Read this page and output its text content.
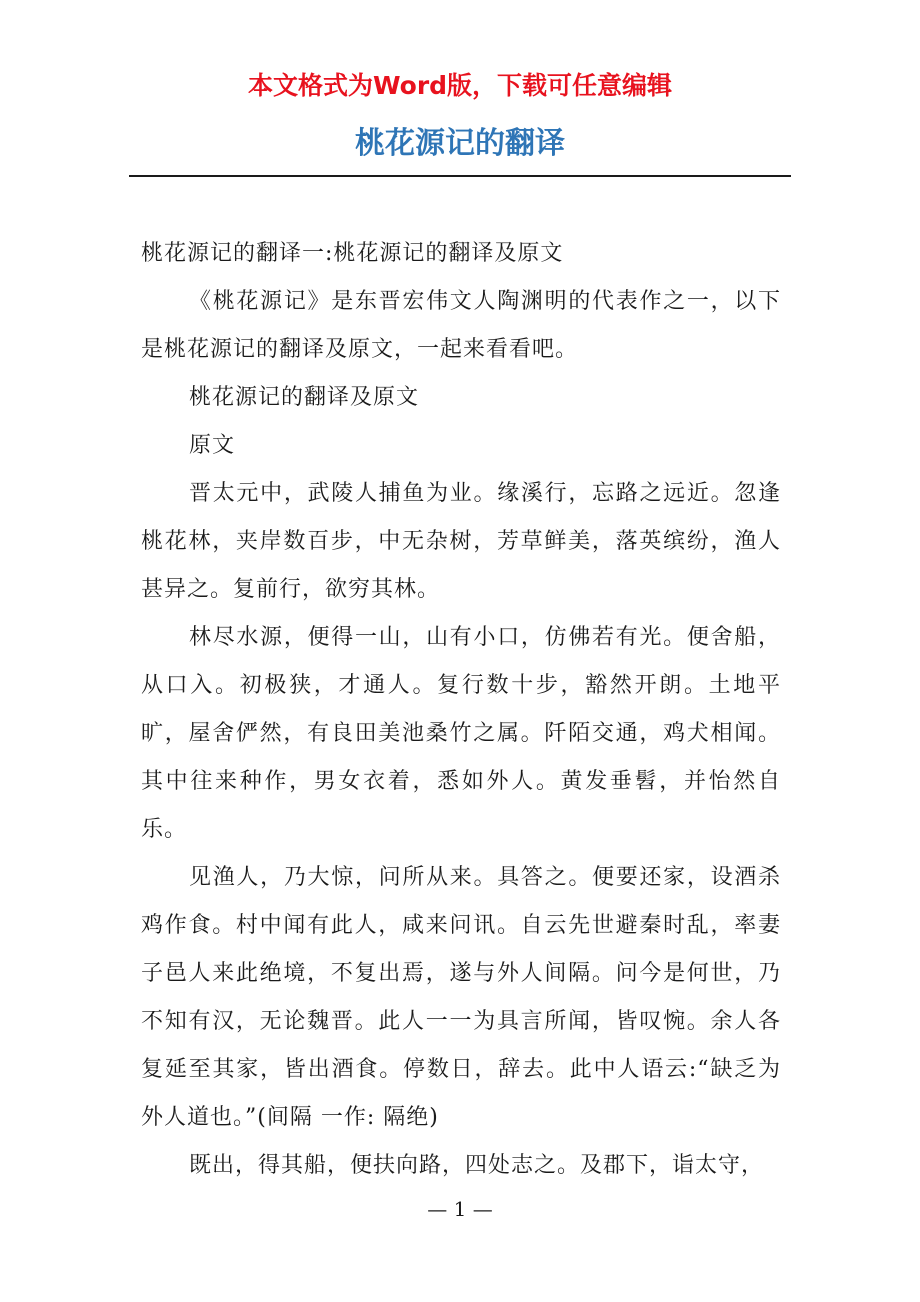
本文格式为Word版，下载可任意编辑
桃花源记的翻译

桃花源记的翻译一:桃花源记的翻译及原文

《桃花源记》是东晋宏伟文人陶渊明的代表作之一，以下是桃花源记的翻译及原文，一起来看看吧。

桃花源记的翻译及原文

原文

晋太元中，武陵人捕鱼为业。缘溪行，忘路之远近。忽逢桃花林，夹岸数百步，中无杂树，芳草鲜美，落英缤纷，渔人甚异之。复前行，欲穷其林。

林尽水源，便得一山，山有小口，仿佛若有光。便舍船，从口入。初极狭，才通人。复行数十步，豁然开朗。土地平旷，屋舍俨然，有良田美池桑竹之属。阡陌交通，鸡犬相闻。其中往来种作，男女衣着，悉如外人。黄发垂髫，并怡然自乐。

见渔人，乃大惊，问所从来。具答之。便要还家，设酒杀鸡作食。村中闻有此人，咸来问讯。自云先世避秦时乱，率妻子邑人来此绝境，不复出焉，遂与外人间隔。问今是何世，乃不知有汉，无论魏晋。此人一一为具言所闻，皆叹惋。余人各复延至其家，皆出酒食。停数日，辞去。此中人语云:“缺乏为外人道也。”(间隔 一作: 隔绝)

既出，得其船，便扶向路，四处志之。及郡下，诣太守，

— 1 —
